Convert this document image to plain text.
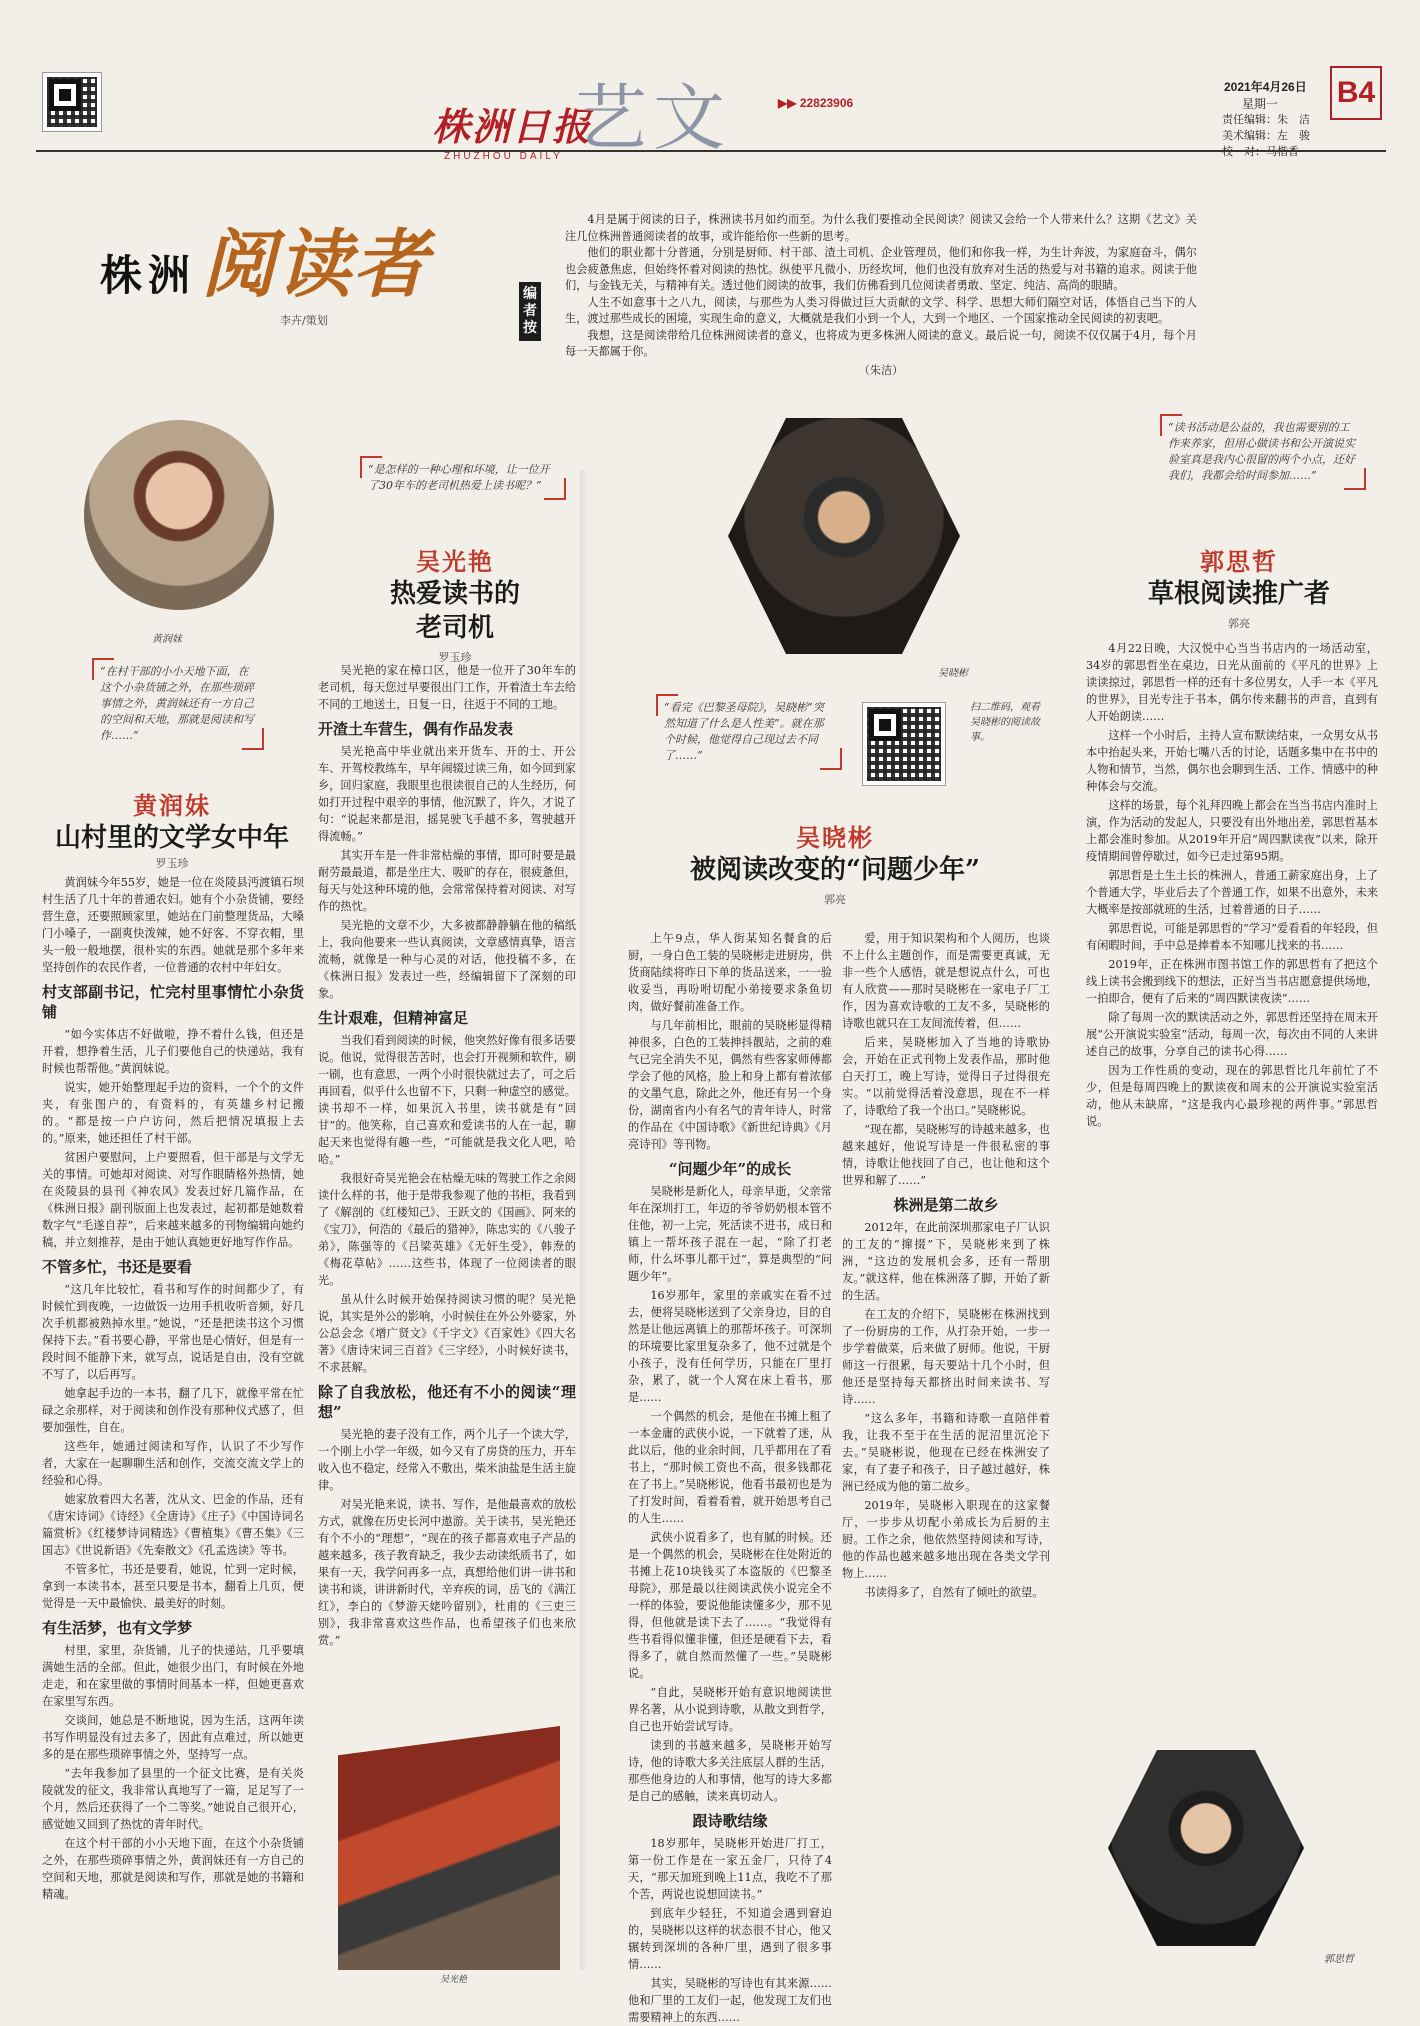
株洲日报
ZHUZHOU DAILY 艺文	▶▶ 22823906
2021年4月26日
星期一	B4
责任编辑：朱　洁
美术编辑：左　骏
校　对：马楷香
株洲 阅读者
李卉/策划
编者按

4月是属于阅读的日子，株洲读书月如约而至。为什么我们要推动全民阅读？阅读又会给一个人带来什么？这期《艺文》关注几位株洲普通阅读者的故事，或许能给你一些新的思考。

他们的职业都十分普通，分别是厨师、村干部、渣土司机、企业管理员，他们和你我一样，为生计奔波，为家庭奋斗，偶尔也会疲惫焦虑，但始终怀着对阅读的热忱。纵使平凡微小、历经坎坷，他们也没有放弃对生活的热爱与对书籍的追求。阅读于他们，与金钱无关，与精神有关。透过他们阅读的故事，我们仿佛看到几位阅读者勇敢、坚定、纯洁、高尚的眼睛。

人生不如意事十之八九，阅读，与那些为人类习得做过巨大贡献的文学、科学、思想大师们隔空对话，体悟自己当下的人生，渡过那些成长的困境，实现生命的意义，大概就是我们小到一个人，大到一个地区、一个国家推动全民阅读的初衷吧。

我想，这是阅读带给几位株洲阅读者的意义，也将成为更多株洲人阅读的意义。最后说一句，阅读不仅仅属于4月，每个月每一天都属于你。

（朱洁）
黄润妹
“在村干部的小小天地下面，在这个小杂货铺之外，在那些琐碎事情之外，黄润妹还有一方自己的空间和天地，那就是阅读和写作……”
黄润妹
山村里的文学女中年
罗玉珍

黄润妹今年55岁，她是一位在炎陵县沔渡镇石坝村生活了几十年的普通农妇。她有个小杂货铺，要经营生意，还要照顾家里，她站在门前整理货品，大嗓门小嗓子，一副爽快泼辣，她不好客、不穿衣帽，里头一般一般地摆，很朴实的东西。她就是那个多年来坚持创作的农民作者，一位普通的农村中年妇女。

村支部副书记，忙完村里事情忙小杂货铺

“如今实体店不好做啦，挣不着什么钱，但还是开着，想挣着生活，儿子们要他自己的快递站，我有时候也帮帮他。”黄润妹说。

说实，她开始整理起手边的资料，一个个的文件夹，有张图户的，有资料的，有英雄乡村记搬的。“都是按一户户访问，然后把情况填报上去的。”原来，她还担任了村干部。

贫困户要慰问，上户要照看，但干部是与文学无关的事情。可她却对阅读、对写作眼睛格外热情，她在炎陵县的县刊《神农风》发表过好几篇作品，在《株洲日报》副刊版面上也发表过，起初都是她数着数字气“毛遂自荐”，后来越来越多的刊物编辑向她约稿，并立刻推荐，是由于她认真她更好地写作作品。

不管多忙，书还是要看

“这几年比较忙，看书和写作的时间都少了，有时候忙到夜晚，一边做饭一边用手机收听音频，好几次手机都被熟掉水里。”她说，“还是把读书这个习惯保持下去。”看书要心静，平常也是心情好，但是有一段时间不能静下来，就写点，说话是自由，没有空就不写了，以后再写。

她拿起手边的一本书，翻了几下，就像平常在忙碌之余那样，对于阅读和创作没有那种仪式感了，但要加强性，自在。

这些年，她通过阅读和写作，认识了不少写作者，大家在一起聊聊生活和创作，交流交流文学上的经验和心得。

她家放着四大名著，沈从文、巴金的作品，还有《唐宋诗词》《诗经》《全唐诗》《庄子》《中国诗词名篇赏析》《红楼梦诗词精选》《曹植集》《曹丕集》《三国志》《世说新语》《先秦散文》《孔孟选读》等书。

不管多忙，书还是要看，她说，忙到一定时候，拿到一本读书本，甚至只要是书本，翻看上几页，便觉得是一天中最愉快、最美好的时刻。

有生活梦，也有文学梦

村里，家里，杂货铺，儿子的快递站，几乎要填满她生活的全部。但此，她很少出门，有时候在外地走走，和在家里做的事情时间基本一样，但她更喜欢在家里写东西。

交谈间，她总是不断地说，因为生活，这两年读书写作明显没有过去多了，因此有点难过，所以她更多的是在那些琐碎事情之外，坚持写一点。

“去年我参加了县里的一个征文比赛，是有关炎陵就发的征文，我非常认真地写了一篇，足足写了一个月，然后还获得了一个二等奖。”她说自己很开心，感觉她又回到了热忱的青年时代。

在这个村干部的小小天地下面，在这个小杂货铺之外，在那些琐碎事情之外，黄润妹还有一方自己的空间和天地，那就是阅读和写作，那就是她的书籍和精魂。

“是怎样的一种心理和坏境，让一位开了30年车的老司机热爱上读书呢？”
吴光艳
热爱读书的
老司机
罗玉珍

吴光艳的家在樟口区，他是一位开了30年车的老司机，每天您过早要很出门工作，开着渣土车去给不同的工地送土，日复一日，往返于不同的工地。

开渣土车营生，偶有作品发表

吴光艳高中毕业就出来开货车、开的士、开公车、开驾校教练车，早年闹辍过读三角，如今回到家乡，回归家庭，我眼里也很读很自己的人生经历，何如打开过程中艰辛的事情，他沉默了，许久，才说了句：“说起来都是泪，摇晃驶飞手越不多，驾驶越开得流畅。”

其实开车是一件非常枯燥的事情，即可时要是最耐劳最最道，都是坐庄大、吸旷的存在，很疲惫但，每天与处这种环境的他，会常常保持着对阅读、对写作的热忱。

吴光艳的文章不少，大多被都静静躺在他的稿纸上，我向他要来一些认真阅读，文章感情真挚，语言流畅，就像是一种与心灵的对话，他投稿不多，在《株洲日报》发表过一些，经编辑留下了深刻的印象。

生计艰难，但精神富足

当我们看到阅读的时候，他突然好像有很多话要说。他说，觉得很苦苦时，也会打开视频和软件，刷一刷，也有意思，一两个小时很快就过去了，可之后再回看，似乎什么也留不下，只剩一种虚空的感觉。读书却不一样，如果沉入书里，读书就是有“回甘”的。他笑称，自己喜欢和爱读书的人在一起，聊起天来也觉得有趣一些，“可能就是我文化人吧，哈哈。”

我很好奇吴光艳会在枯燥无味的驾驶工作之余阅读什么样的书，他于是带我参观了他的书柜，我看到了《解剖的《红楼知己》、王跃文的《国画》、阿来的《宝刀》，何浩的《最后的猎神》，陈忠实的《八骏子弟》，陈强等的《吕梁英雄》《无奸生受》，韩焘的《梅花草帖》……这些书，体现了一位阅读者的眼光。

虽从什么时候开始保持阅读习惯的呢？吴光艳说，其实是外公的影响，小时候住在外公外婆家，外公总会念《增广贤文》《千字文》《百家姓》《四大名著》《唐诗宋词三百首》《三字经》，小时候好读书，不求甚解。

除了自我放松，他还有不小的阅读“理想”

吴光艳的妻子没有工作，两个儿子一个读大学，一个刚上小学一年级，如今又有了房贷的压力，开车收入也不稳定，经常入不敷出，柴米油盐是生活主旋律。

对吴光艳来说，读书、写作，是他最喜欢的放松方式，就像在历史长河中遨游。关于读书，吴光艳还有个不小的“理想”，“现在的孩子都喜欢电子产品的越来越多，孩子教育缺乏，我少去动读纸质书了，如果有一天，我学问再多一点，真想给他们讲一讲书和读书和谈，讲讲新时代，辛弃疾的词，岳飞的《满江红》，李白的《梦游天姥吟留别》，杜甫的《三吏三别》，我非常喜欢这些作品，也希望孩子们也来欣赏。”

吴光艳
吴晓彬
“看完《巴黎圣母院》，吴晓彬“突然知道了什么是人性美”。就在那个时候，他觉得自己现过去不同了……”
扫二维码，观看吴晓彬的阅读故事。
吴晓彬
被阅读改变的“问题少年”
郭亮

上午9点，华人街某知名餐食的后厨，一身白色工装的吴晓彬走进厨房，供货商陆续将昨日下单的货品送来，一一验收妥当，再吩咐切配小弟接要求条鱼切肉，做好餐前准备工作。

与几年前相比，眼前的吴晓彬显得精神很多，白色的工装抻抖靓站，之前的难气已完全消失不见，偶然有些客家师傅都学会了他的风格，脸上和身上都有着浓郁的文墨气息，除此之外，他还有另一个身份，湖南省内小有名气的青年诗人，时常的作品在《中国诗歌》《新世纪诗典》《月亮诗刊》等刊物。

“问题少年”的成长

吴晓彬是新化人，母亲早逝，父亲常年在深圳打工，年迈的爷爷奶奶根本管不住他，初一上完，死活读不进书，成日和镇上一帮坏孩子混在一起，“除了打老师，什么坏事儿都干过”，算是典型的“问题少年”。

16岁那年，家里的亲戚实在看不过去，便将吴晓彬送到了父亲身边，目的自然是让他远离镇上的那帮坏孩子。可深圳的环境要比家里复杂多了，他不过就是个小孩子，没有任何学历，只能在厂里打杂，累了，就一个人窝在床上看书，那是……

一个偶然的机会，是他在书摊上租了一本金庸的武侠小说，一下就着了迷，从此以后，他的业余时间，几乎都用在了看书上，“那时候工资也不高，很多钱都花在了书上。”吴晓彬说，他看书最初也是为了打发时间，看着看着，就开始思考自己的人生……

武侠小说看多了，也有腻的时候。还是一个偶然的机会，吴晓彬在住处附近的书摊上花10块钱买了本盗版的《巴黎圣母院》，那是最以往阅读武侠小说完全不一样的体验，要说他能读懂多少，那不见得，但他就是读下去了……。“我觉得有些书看得似懂非懂，但还是硬看下去，看得多了，就自然而然懂了一些。”吴晓彬说。

“自此，吴晓彬开始有意识地阅读世界名著，从小说到诗歌，从散文到哲学，自己也开始尝试写诗。

读到的书越来越多，吴晓彬开始写诗，他的诗歌大多关注底层人群的生活，那些他身边的人和事情，他写的诗大多都是自己的感触，读来真切动人。

跟诗歌结缘

18岁那年，吴晓彬开始进厂打工，第一份工作是在一家五金厂，只待了4天，“那天加班到晚上11点，我吃不了那个苦，两说也说想回读书。”

到底年少轻狂，不知道会遇到窘迫的，吴晓彬以这样的状态很不甘心，他又辗转到深圳的各种厂里，遇到了很多事情……

其实，吴晓彬的写诗也有其来源……他和厂里的工友们一起，他发现工友们也需要精神上的东西……

爱，用于知识架构和个人阅历，也谈不上什么主题创作，而是需要更真诚，无非一些个人感悟，就是想说点什么，可也有人欣赏——那时吴晓彬在一家电子厂工作，因为喜欢诗歌的工友不多，吴晓彬的诗歌也就只在工友间流传着，但……

后来，吴晓彬加入了当地的诗歌协会，开始在正式刊物上发表作品，那时他白天打工，晚上写诗，觉得日子过得很充实。“以前觉得活着没意思，现在不一样了，诗歌给了我一个出口。”吴晓彬说。

“现在都，吴晓彬写的诗越来越多，也越来越好，他说写诗是一件很私密的事情，诗歌让他找回了自己，也让他和这个世界和解了……”

株洲是第二故乡

2012年，在此前深圳那家电子厂认识的工友的“撺掇”下，吴晓彬来到了株洲，“这边的发展机会多，还有一帮朋友。”就这样，他在株洲落了脚，开始了新的生活。

在工友的介绍下，吴晓彬在株洲找到了一份厨房的工作，从打杂开始，一步一步学着做菜，后来做了厨师。他说，干厨师这一行很累，每天要站十几个小时，但他还是坚持每天都挤出时间来读书、写诗……

“这么多年，书籍和诗歌一直陪伴着我，让我不至于在生活的泥沼里沉沦下去。”吴晓彬说，他现在已经在株洲安了家，有了妻子和孩子，日子越过越好，株洲已经成为他的第二故乡。

2019年，吴晓彬入职现在的这家餐厅，一步步从切配小弟成长为后厨的主厨。工作之余，他依然坚持阅读和写诗，他的作品也越来越多地出现在各类文学刊物上……

书读得多了，自然有了倾吐的欲望。

“读书活动是公益的，我也需要别的工作来养家，但用心做读书和公开演说实验室真是我内心很留的两个小点，还好我们，我都会给时间参加……”
郭思哲
草根阅读推广者
郭亮

4月22日晚，大汉悦中心当当书店内的一场活动室，34岁的郭思哲坐在桌边，日光从面前的《平凡的世界》上读读掠过，郭思哲一样的还有十多位男女，人手一本《平凡的世界》，目光专注于书本，偶尔传来翻书的声音，直到有人开始朗读……

这样一个小时后，主持人宣布默读结束，一众男女从书本中抬起头来，开始七嘴八舌的讨论，话题多集中在书中的人物和情节，当然，偶尔也会聊到生活、工作、情感中的种种体会与交流。

这样的场景，每个礼拜四晚上都会在当当书店内准时上演，作为活动的发起人，只要没有出外地出差，郭思哲基本上都会准时参加。从2019年开启“周四默读夜”以来，除开疫情期间曾停歇过，如今已走过第95期。

郭思哲是土生土长的株洲人，普通工薪家庭出身，上了个普通大学，毕业后去了个普通工作，如果不出意外，未来大概率是按部就班的生活，过着普通的日子……

郭思哲说，可能是郭思哲的“学习”爱看看的年轻段，但有闲暇时间，手中总是捧着本不知哪儿找来的书……

2019年，正在株洲市图书馆工作的郭思哲有了把这个线上读书会搬到线下的想法，正好当当书店愿意提供场地，一拍即合，便有了后来的“周四默读夜读”……

除了每周一次的默读活动之外，郭思哲还坚持在周末开展“公开演说实验室”活动，每周一次，每次由不同的人来讲述自己的故事，分享自己的读书心得……

因为工作性质的变动，现在的郭思哲比几年前忙了不少，但是每周四晚上的默读夜和周末的公开演说实验室活动，他从未缺席，“这是我内心最珍视的两件事。”郭思哲说。

郭思哲
